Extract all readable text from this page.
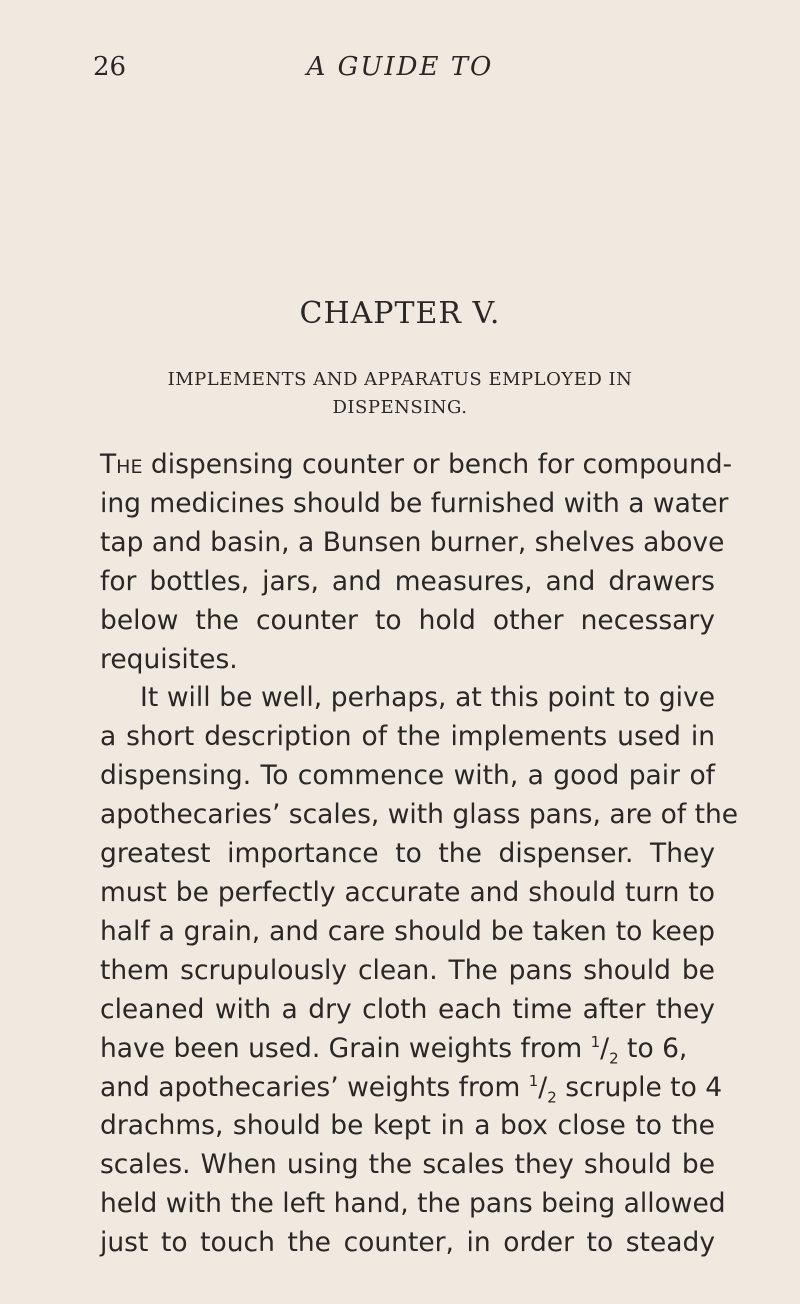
26	A GUIDE TO
CHAPTER V.
IMPLEMENTS AND APPARATUS EMPLOYED IN
DISPENSING.
The dispensing counter or bench for compound-
ing medicines should be furnished with a water
tap and basin, a Bunsen burner, shelves above
for bottles, jars, and measures, and drawers
below the counter to hold other necessary
requisites.
It will be well, perhaps, at this point to give
a short description of the implements used in
dispensing. To commence with, a good pair of
apothecaries’ scales, with glass pans, are of the
greatest importance to the dispenser. They
must be perfectly accurate and should turn to
half a grain, and care should be taken to keep
them scrupulously clean. The pans should be
cleaned with a dry cloth each time after they
have been used. Grain weights from $^1/_2$ to 6,
and apothecaries’ weights from $^1/_2$ scruple to 4
drachms, should be kept in a box close to the
scales. When using the scales they should be
held with the left hand, the pans being allowed
just to touch the counter, in order to steady
